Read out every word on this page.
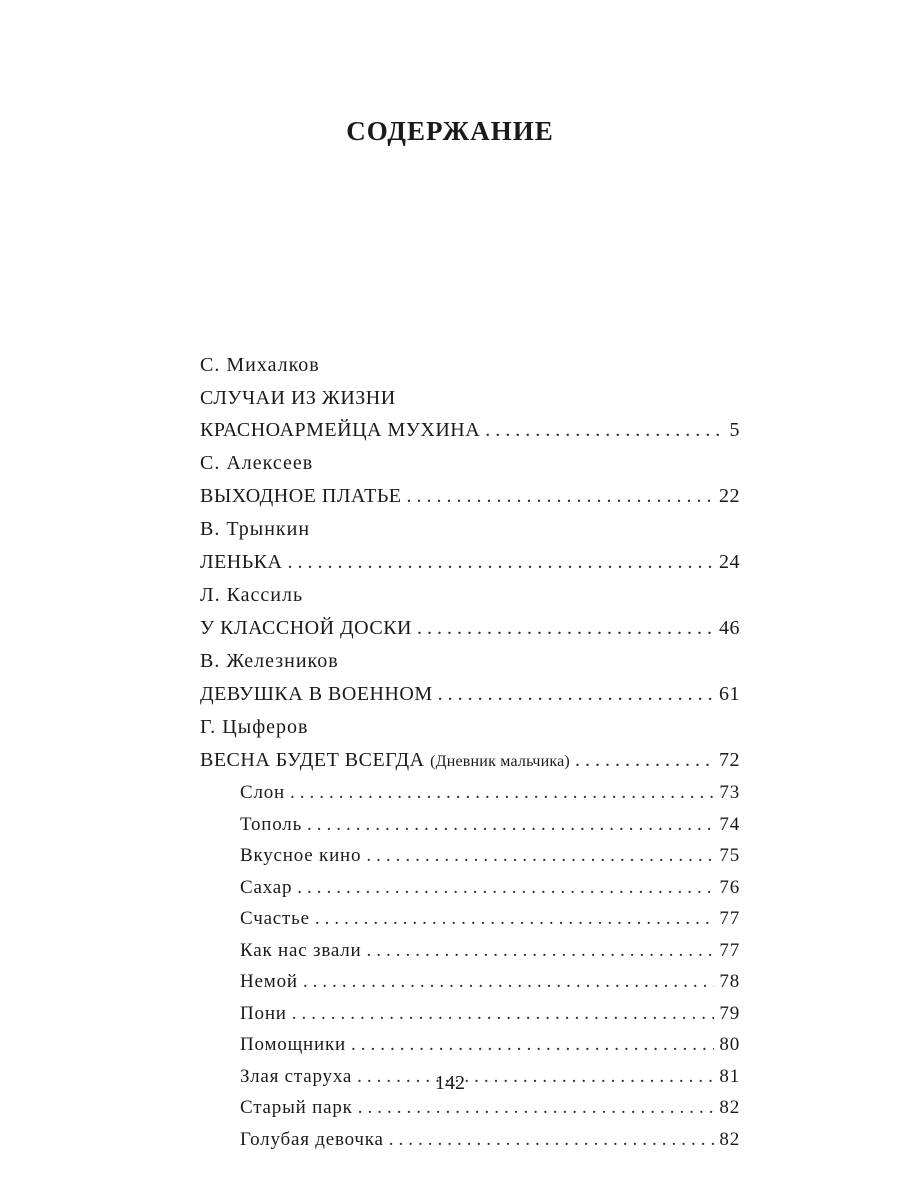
СОДЕРЖАНИЕ
С. Михалков
СЛУЧАИ ИЗ ЖИЗНИ
КРАСНОАРМЕЙЦА МУХИНА .....	5
С. Алексеев
ВЫХОДНОЕ ПЛАТЬЕ .....	22
В. Трынкин
ЛЕНЬКА .....	24
Л. Кассиль
У КЛАССНОЙ ДОСКИ .....	46
В. Железников
ДЕВУШКА В ВОЕННОМ .....	61
Г. Цыферов
ВЕСНА БУДЕТ ВСЕГДА (Дневник мальчика) .....	72
Слон .....	73
Тополь .....	74
Вкусное кино .....	75
Сахар .....	76
Счастье .....	77
Как нас звали .....	77
Немой .....	78
Пони .....	79
Помощники .....	80
Злая старуха .....	81
Старый парк .....	82
Голубая девочка .....	82
142
